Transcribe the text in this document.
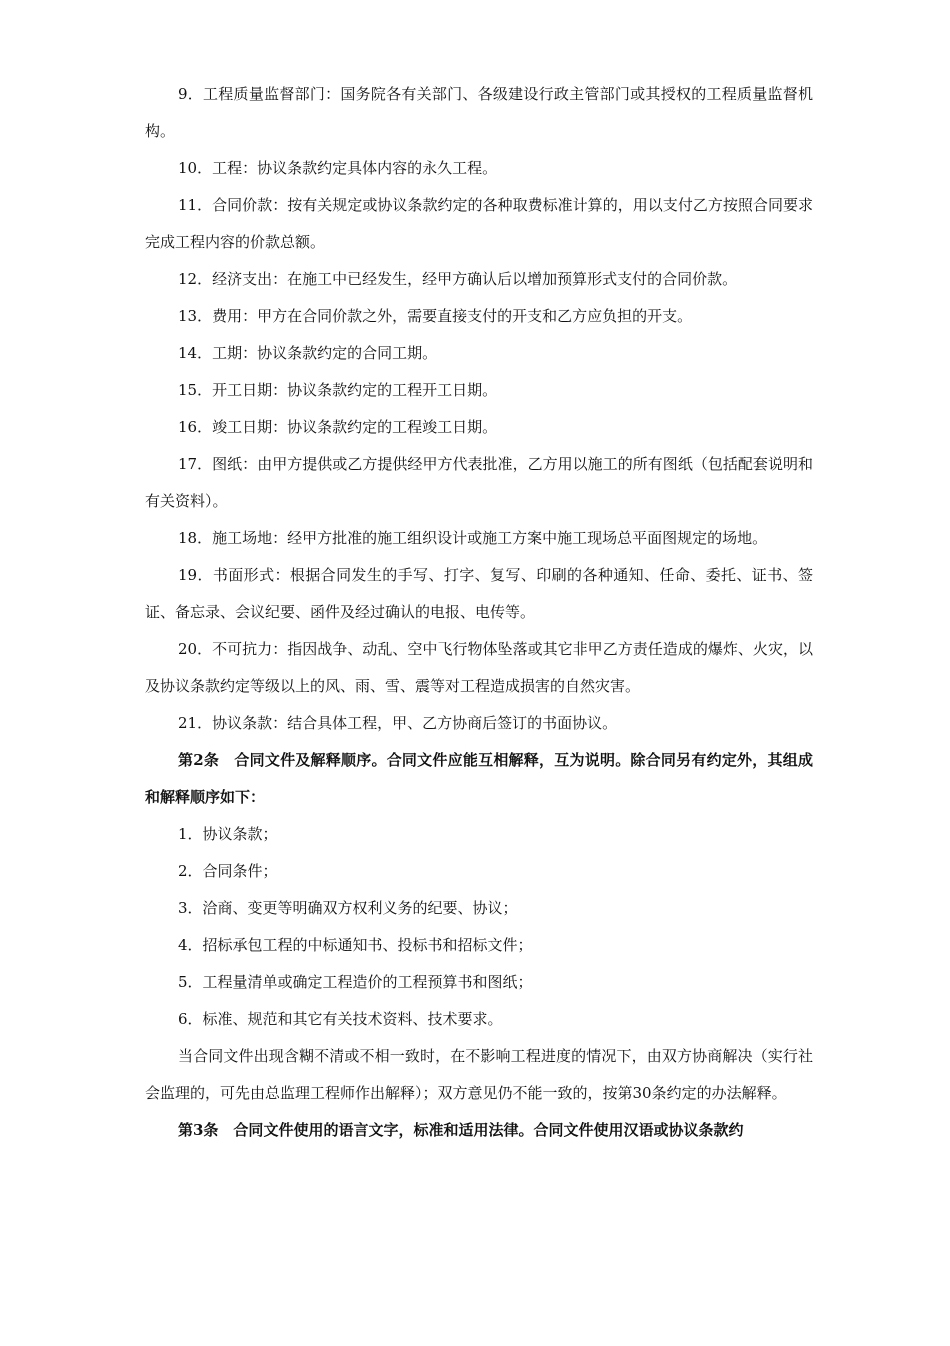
9．工程质量监督部门：国务院各有关部门、各级建设行政主管部门或其授权的工程质量监督机构。

10．工程：协议条款约定具体内容的永久工程。

11．合同价款：按有关规定或协议条款约定的各种取费标准计算的，用以支付乙方按照合同要求完成工程内容的价款总额。

12．经济支出：在施工中已经发生，经甲方确认后以增加预算形式支付的合同价款。

13．费用：甲方在合同价款之外，需要直接支付的开支和乙方应负担的开支。

14．工期：协议条款约定的合同工期。

15．开工日期：协议条款约定的工程开工日期。

16．竣工日期：协议条款约定的工程竣工日期。

17．图纸：由甲方提供或乙方提供经甲方代表批准，乙方用以施工的所有图纸（包括配套说明和有关资料）。

18．施工场地：经甲方批准的施工组织设计或施工方案中施工现场总平面图规定的场地。

19．书面形式：根据合同发生的手写、打字、复写、印刷的各种通知、任命、委托、证书、签证、备忘录、会议纪要、函件及经过确认的电报、电传等。

20．不可抗力：指因战争、动乱、空中飞行物体坠落或其它非甲乙方责任造成的爆炸、火灾，以及协议条款约定等级以上的风、雨、雪、震等对工程造成损害的自然灾害。

21．协议条款：结合具体工程，甲、乙方协商后签订的书面协议。

第2条　合同文件及解释顺序。合同文件应能互相解释，互为说明。除合同另有约定外，其组成和解释顺序如下：

1．协议条款；

2．合同条件；

3．洽商、变更等明确双方权利义务的纪要、协议；

4．招标承包工程的中标通知书、投标书和招标文件；

5．工程量清单或确定工程造价的工程预算书和图纸；

6．标准、规范和其它有关技术资料、技术要求。

当合同文件出现含糊不清或不相一致时，在不影响工程进度的情况下，由双方协商解决（实行社会监理的，可先由总监理工程师作出解释）；双方意见仍不能一致的，按第30条约定的办法解释。

第3条　合同文件使用的语言文字，标准和适用法律。合同文件使用汉语或协议条款约
